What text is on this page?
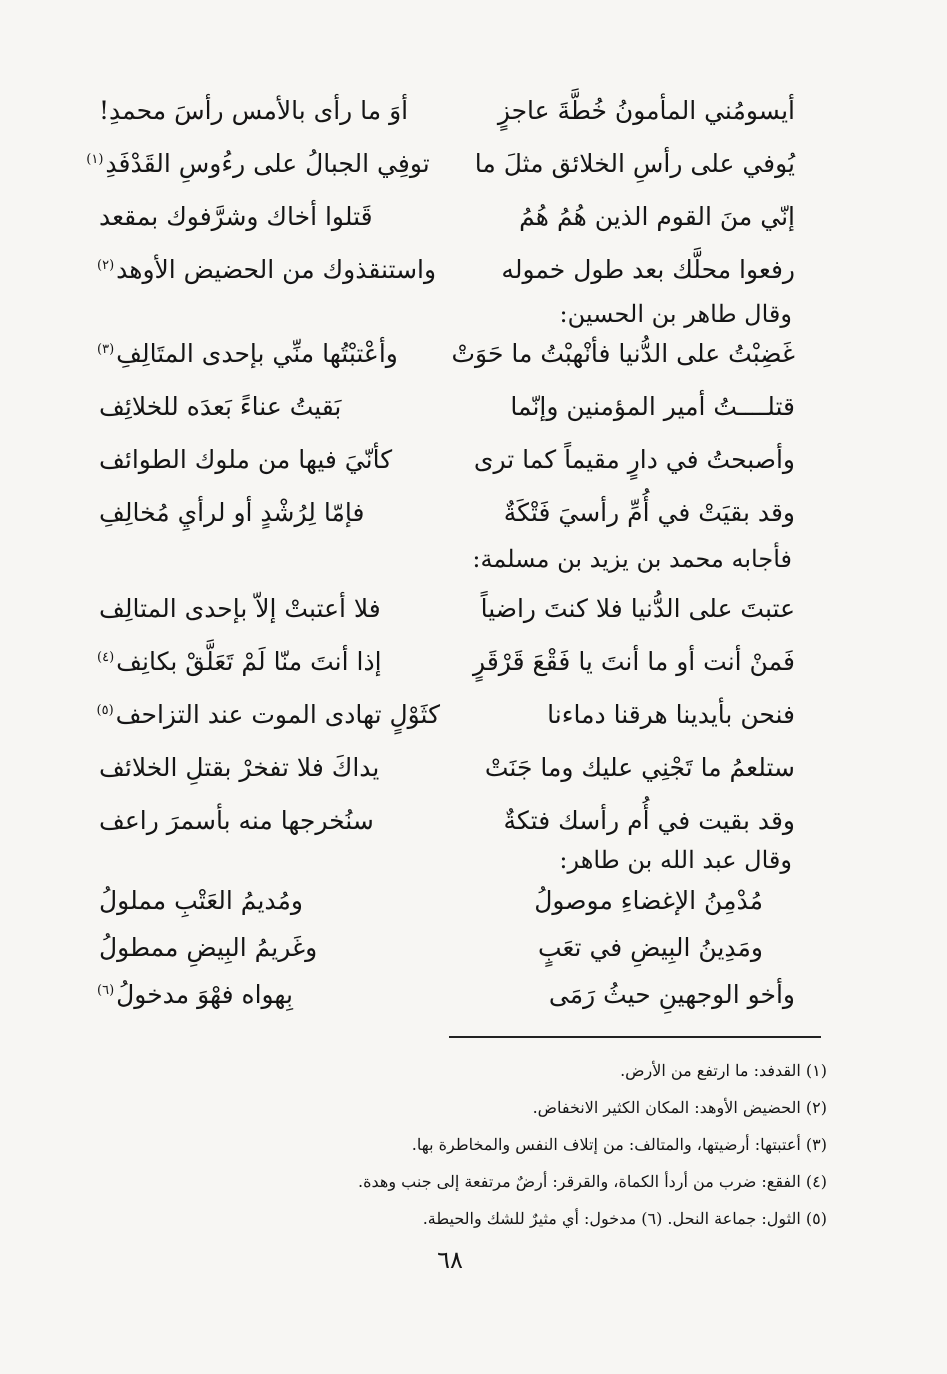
أيسومُني المأمونُ خُطَّةَ عاجزٍ
أوَ ما رأى بالأمس رأسَ محمدِ!
يُوفي على رأسِ الخلائق مثلَ ما
توفِي الجبالُ على رءُوسِ القَدْفَدِ$^{(١)}$
إنّي منَ القوم الذين هُمُ هُمُ
قَتلوا أخاك وشرَّفوك بمقعد
رفعوا محلَّك بعد طول خموله
واستنقذوك من الحضيض الأوهد$^{(٢)}$
وقال طاهر بن الحسين:
غَضِبْتُ على الدُّنيا فأنْهبْتُ ما حَوَتْ
وأعْتبْتُها منِّي بإحدى المتَالِفِ$^{(٣)}$
قتلــــتُ أمير المؤمنين وإنّما
بَقيتُ عناءً بَعدَه للخلائِف
وأصبحتُ في دارٍ مقيماً كما ترى
كأنّيَ فيها من ملوك الطوائف
وقد بقيَتْ في أُمِّ رأسيَ فَتْكَةٌ
فإمّا لِرُشْدٍ أو لرأيِ مُخالِفِ
فأجابه محمد بن يزيد بن مسلمة:
عتبتَ على الدُّنيا فلا كنتَ راضياً
فلا أعتبتْ إلاّ بإحدى المتالِف
فَمنْ أنت أو ما أنتَ يا فَقْعَ قَرْقَرٍ
إذا أنتَ منّا لَمْ تَعَلَّقْ بكانِف$^{(٤)}$
فنحن بأيدينا هرقنا دماءنا
كثَوْلٍ تهادى الموت عند التزاحف$^{(٥)}$
ستلعمُ ما تَجْنِي عليك وما جَنَتْ
يداكَ فلا تفخرْ بقتلِ الخلائف
وقد بقيت في أُم رأسك فتكةٌ
سنُخرجها منه بأسمرَ راعف
وقال عبد الله بن طاهر:
مُدْمِنُ الإغضاءِ موصولُ
ومُديمُ العَتْبِ مملولُ
ومَدِينُ البِيضِ في تعَبٍ
وغَريمُ البِيضِ ممطولُ
وأخو الوجهينِ حيثُ رَمَى
بِهواه فهْوَ مدخولُ$^{(٦)}$
(١) القدفد: ما ارتفع من الأرض.
(٢) الحضيض الأوهد: المكان الكثير الانخفاض.
(٣) أعتبتها: أرضيتها، والمتالف: من إتلاف النفس والمخاطرة بها.
(٤) الفقع: ضرب من أردأ الكماة، والقرقر: أرضٌ مرتفعة إلى جنب وهدة.
(٥) الثول: جماعة النحل. (٦) مدخول: أي مثيرٌ للشك والحيطة.
٦٨
